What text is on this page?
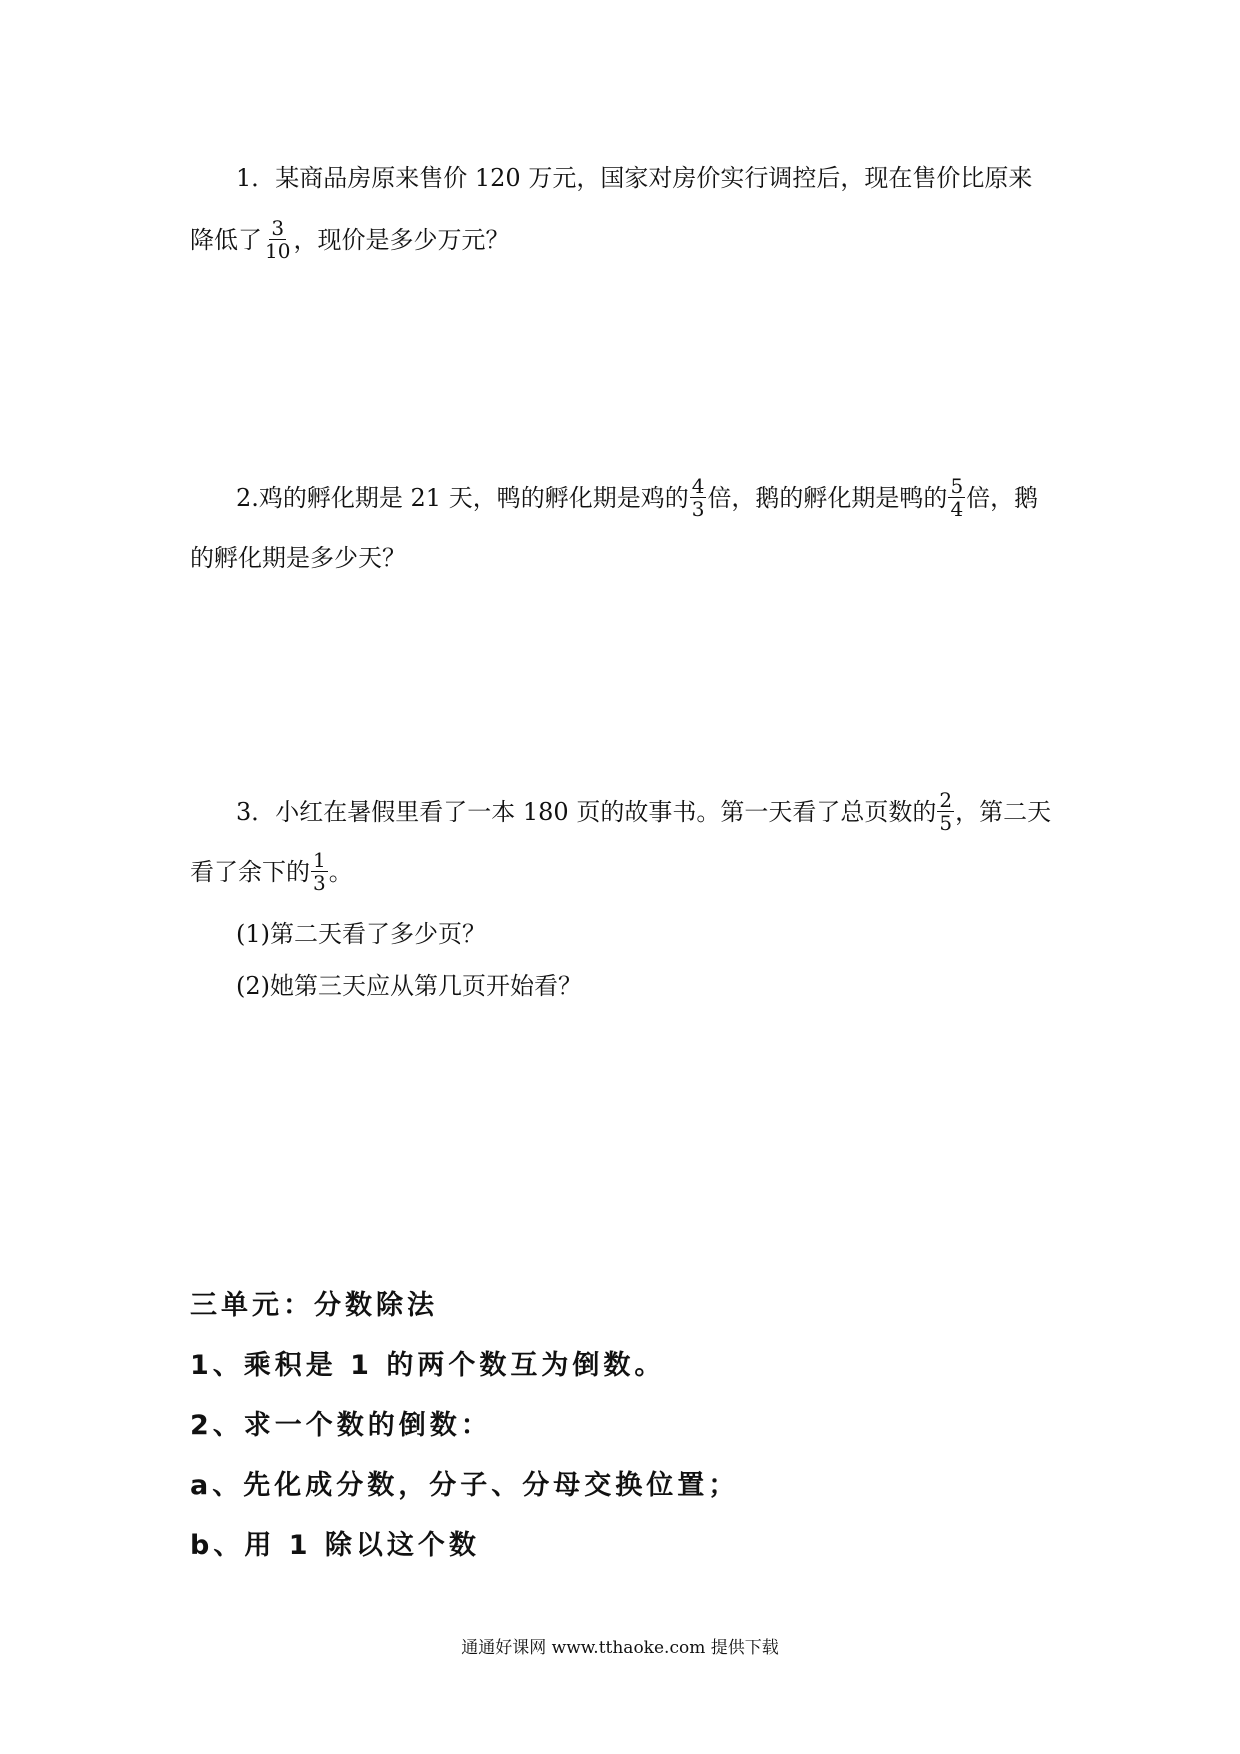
1．某商品房原来售价 120 万元，国家对房价实行调控后，现在售价比原来
降低了 $\frac{3}{10}$ ，现价是多少万元？
2.鸡的孵化期是 21 天，鸭的孵化期是鸡的 $\frac{4}{3}$ 倍，鹅的孵化期是鸭的 $\frac{5}{4}$ 倍，鹅
的孵化期是多少天？
3．小红在暑假里看了一本 180 页的故事书。第一天看了总页数的 $\frac{2}{5}$ ，第二天
看了余下的 $\frac{1}{3}$ 。
(1)第二天看了多少页？
(2)她第三天应从第几页开始看？
三单元：分数除法
1、乘积是 1 的两个数互为倒数。
2、求一个数的倒数：
a、先化成分数，分子、分母交换位置；
b、用 1 除以这个数
通通好课网 www.tthaoke.com 提供下载
